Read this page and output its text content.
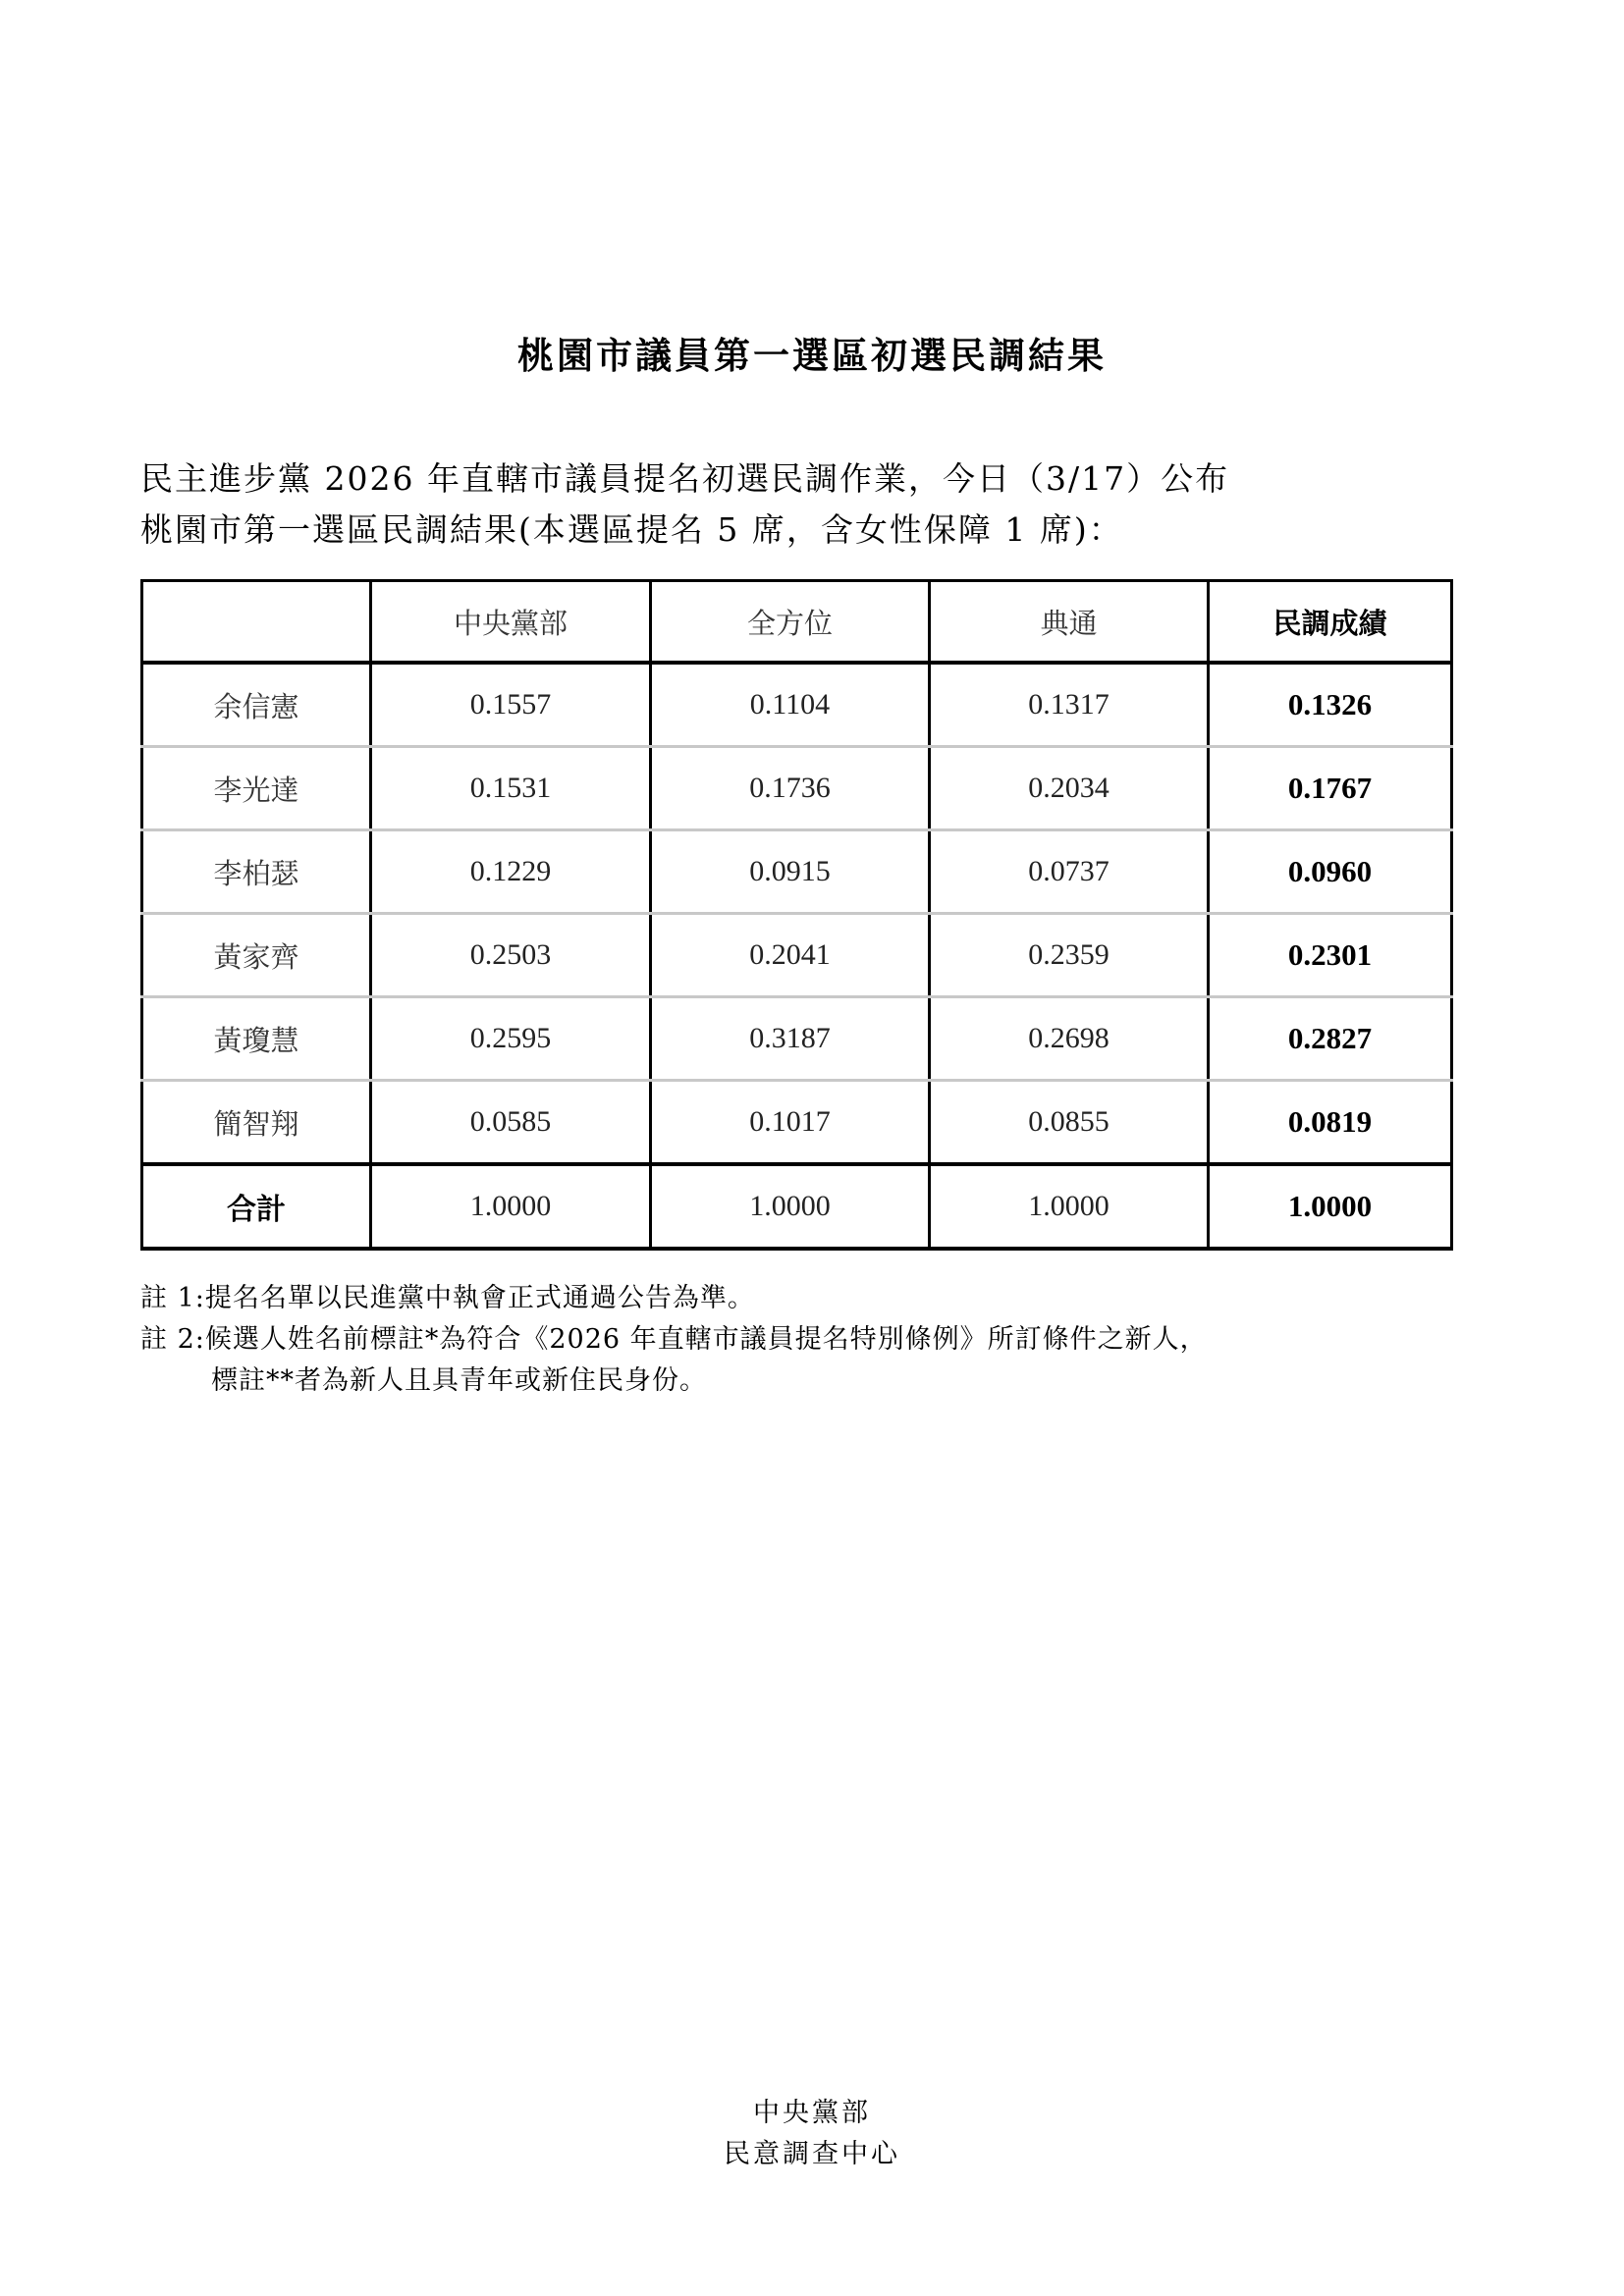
桃園市議員第一選區初選民調結果
民主進步黨 2026 年直轄市議員提名初選民調作業，今日（3/17）公布
桃園市第一選區民調結果(本選區提名 5 席，含女性保障 1 席)：
	中央黨部	全方位	典通	民調成績
余信憲	0.1557	0.1104	0.1317	0.1326
李光達	0.1531	0.1736	0.2034	0.1767
李柏瑟	0.1229	0.0915	0.0737	0.0960
黃家齊	0.2503	0.2041	0.2359	0.2301
黃瓊慧	0.2595	0.3187	0.2698	0.2827
簡智翔	0.0585	0.1017	0.0855	0.0819
合計	1.0000	1.0000	1.0000	1.0000
註 1:提名名單以民進黨中執會正式通過公告為準。
註 2:候選人姓名前標註*為符合《2026 年直轄市議員提名特別條例》所訂條件之新人，
標註**者為新人且具青年或新住民身份。
中央黨部
民意調查中心
